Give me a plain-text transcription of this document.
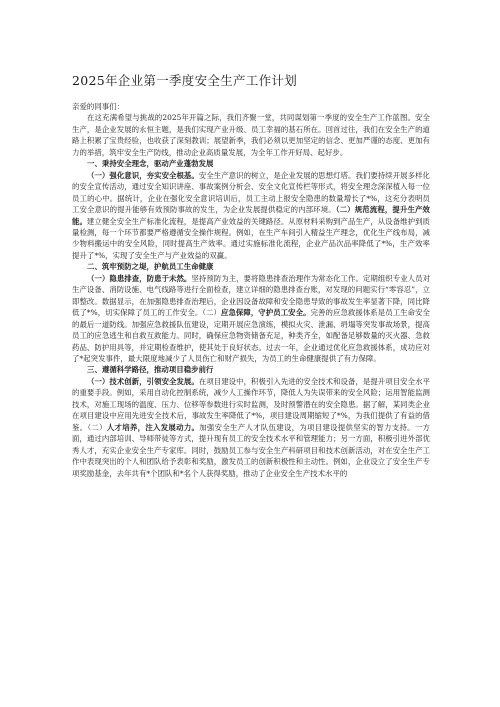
2025年企业第一季度安全生产工作计划

亲爱的同事们：

在这充满希望与挑战的2025年开篇之际，我们齐聚一堂，共同谋划第一季度的安全生产工作蓝图。安全生产，是企业发展的永恒主题，是我们实现产业升级、员工幸福的基石所在。回首过往，我们在安全生产的道路上积累了宝贵经验，也收获了深刻教训；展望新季，我们必须以更加坚定的信念、更加严谨的态度、更加有力的举措，筑牢安全生产防线，推动企业高质量发展，为全年工作开好局、起好步。

一、秉持安全理念，驱动产业蓬勃发展

（一）强化意识，夯实安全根基。安全生产意识的树立，是企业发展的思想灯塔。我们要持续开展多样化的安全宣传活动，通过安全知识讲座、事故案例分析会、安全文化宣传栏等形式，将安全理念深深植入每一位员工的心中。据统计，企业在强化安全意识培训后，员工主动上报安全隐患的数量增长了*%，这充分表明员工安全意识的提升能够有效预防事故的发生，为企业发展提供稳定的内部环境。（二）规范流程，提升生产效能。建立健全安全生产标准化流程，是提高产业效益的关键路径。从原材料采购到产品生产，从设备维护到质量检测，每一个环节都要严格遵循安全操作规程。例如，在生产车间引入精益生产理念，优化生产线布局，减少物料搬运中的安全风险，同时提高生产效率。通过实施标准化流程，企业产品次品率降低了*%，生产效率提升了*%，实现了安全生产与产业效益的双赢。

二、筑牢预防之堤，护航员工生命健康

（一）隐患排查，防患于未然。坚持预防为主，要将隐患排查治理作为常态化工作。定期组织专业人员对生产设备、消防设施、电气线路等进行全面检查，建立详细的隐患排查台账，对发现的问题实行“零容忍”，立即整改。数据显示，在加强隐患排查治理后，企业因设备故障和安全隐患导致的事故发生率显著下降，同比降低了*%，切实保障了员工的工作安全。（二）应急保障，守护员工安全。完善的应急救援体系是员工生命安全的最后一道防线。加强应急救援队伍建设，定期开展应急演练，模拟火灾、泄漏、坍塌等突发事故场景，提高员工的应急逃生和自救互救能力。同时，确保应急物资储备充足，种类齐全，如配备足够数量的灭火器、急救药品、防护用具等，并定期检查维护，使其处于良好状态。过去一年，企业通过优化应急救援体系，成功应对了*起突发事件，最大限度地减少了人员伤亡和财产损失，为员工的生命健康提供了有力保障。

三、遵循科学路径，推动项目稳步前行

（一）技术创新，引领安全发展。在项目建设中，积极引入先进的安全技术和设备，是提升项目安全水平的重要手段。例如，采用自动化控制系统，减少人工操作环节，降低人为失误带来的安全风险；运用智能监测技术，对施工现场的温度、压力、位移等参数进行实时监测，及时预警潜在的安全隐患。据了解，某同类企业在项目建设中应用先进安全技术后，事故发生率降低了*%，项目建设周期缩短了*%，为我们提供了有益的借鉴。（二）人才培养，注入发展动力。加强安全生产人才队伍建设，为项目建设提供坚实的智力支持。一方面，通过内部培训、导师带徒等方式，提升现有员工的安全技术水平和管理能力；另一方面，积极引进外部优秀人才，充实企业安全生产专家库。同时，鼓励员工参与安全生产科研项目和技术创新活动，对在安全生产工作中表现突出的个人和团队给予表彰和奖励，激发员工的创新积极性和主动性。例如，企业设立了安全生产专项奖励基金，去年共有*个团队和*名个人获得奖励，推动了企业安全生产技术水平的
